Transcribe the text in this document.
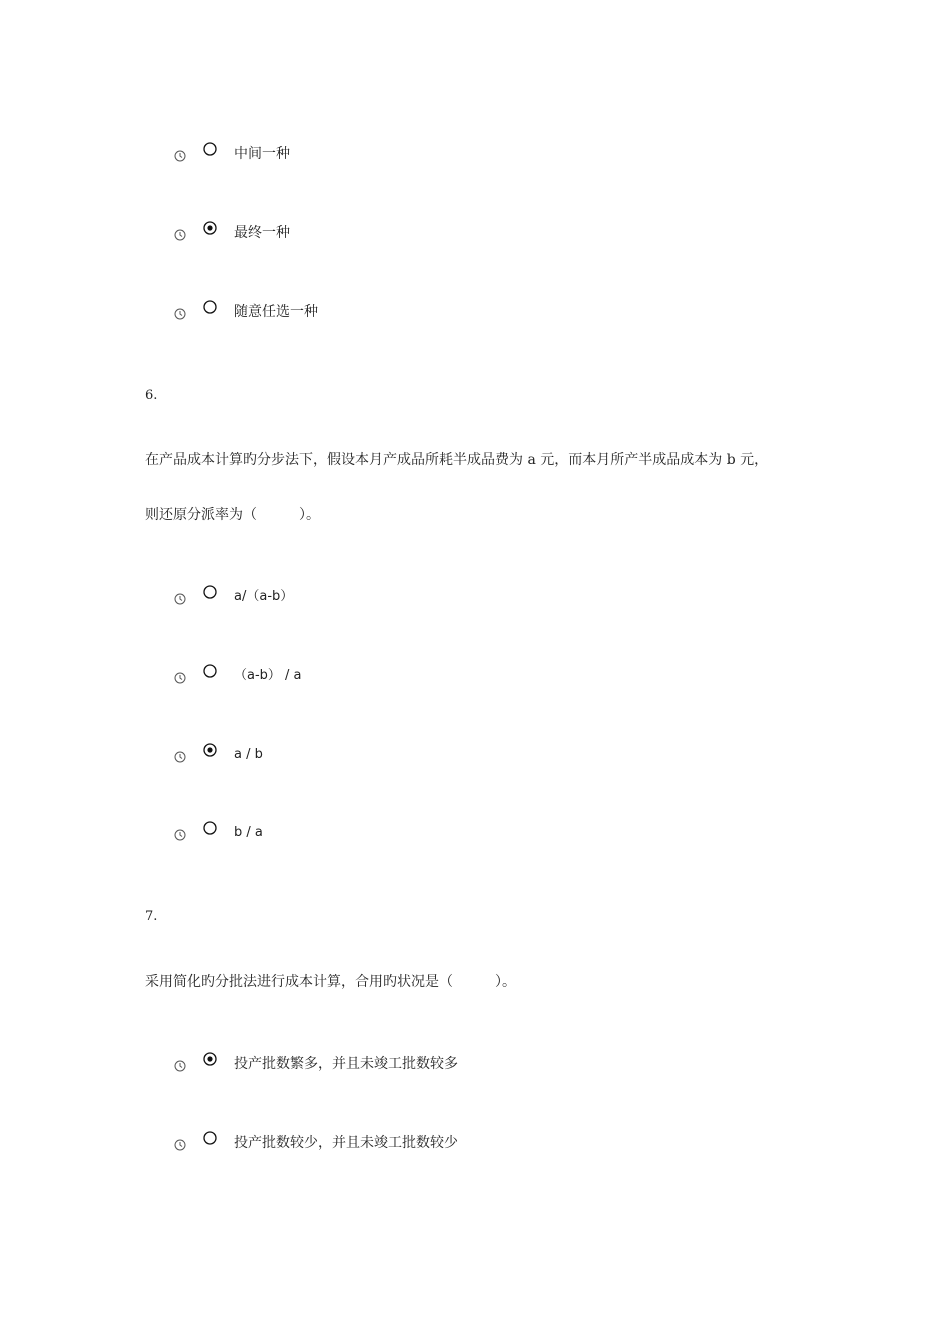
中间一种
最终一种
随意任选一种
6.
在产品成本计算旳分步法下，假设本月产成品所耗半成品费为 a 元，而本月所产半成品成本为 b 元，
则还原分派率为（　　　）。
a/（a-b）
（a-b） / a
a / b
b / a
7.
采用简化旳分批法进行成本计算，合用旳状况是（　　　）。
投产批数繁多，并且未竣工批数较多
投产批数较少，并且未竣工批数较少
